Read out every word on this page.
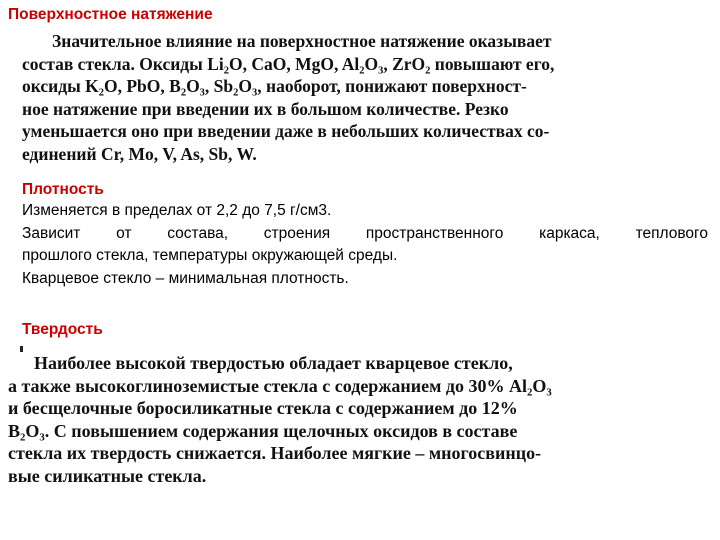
Поверхностное натяжение
Значительное влияние на поверхностное натяжение оказывает
состав стекла. Оксиды Li₂O, CaO, MgO, Al₂O₃, ZrO₂ повышают его,
оксиды K₂O, PbO, B₂O₃, Sb₂O₃, наоборот, понижают поверхност-
ное натяжение при введении их в большом количестве. Резко
уменьшается оно при введении даже в небольших количествах со-
единений Cr, Mo, V, As, Sb, W.
Плотность
Изменяется в пределах от 2,2 до 7,5 г/см3.
Зависит от состава, строения пространственного каркаса, теплового
прошлого стекла, температуры окружающей среды.
Кварцевое стекло – минимальная плотность.
Твердость
Наиболее высокой твердостью обладает кварцевое стекло,
а также высокоглиноземистые стекла с содержанием до 30% Al₂O₃
и бесщелочные боросиликатные стекла с содержанием до 12%
B₂O₃. С повышением содержания щелочных оксидов в составе
стекла их твердость снижается. Наиболее мягкие – многосвинцо-
вые силикатные стекла.
